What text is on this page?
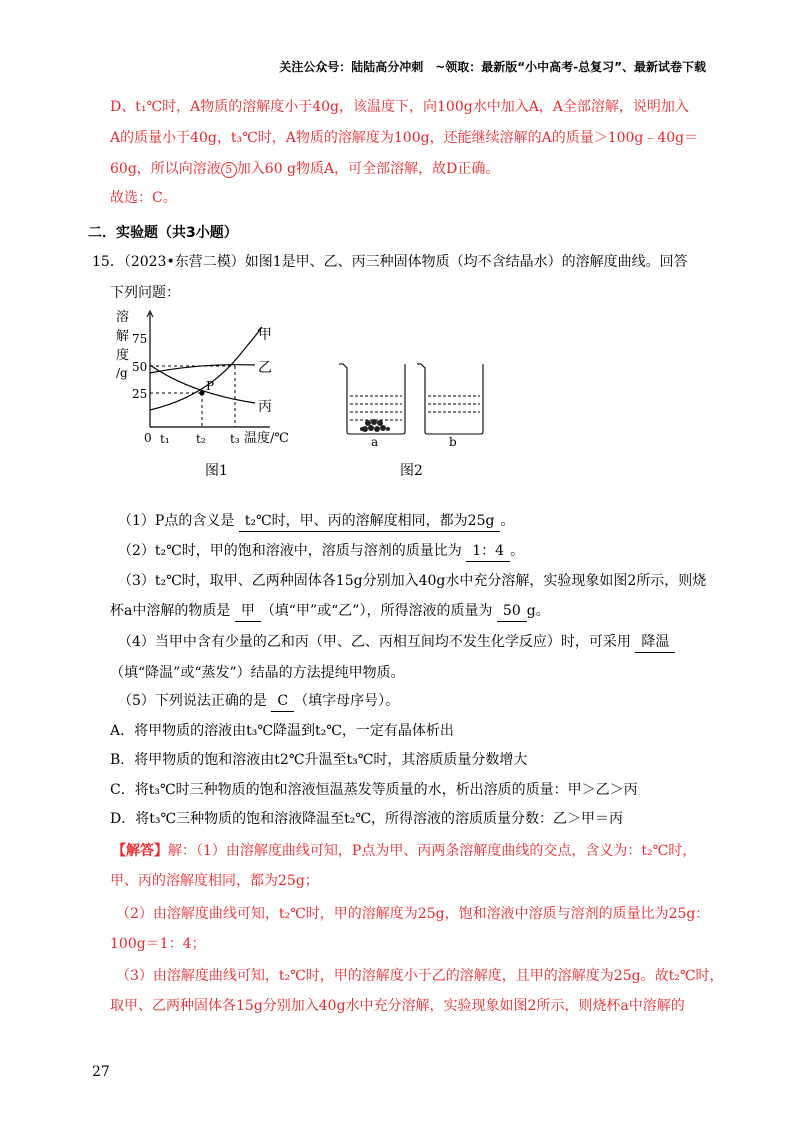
关注公众号：陆陆高分冲刺　~领取：最新版“小中高考-总复习”、最新试卷下载
D、t₁℃时，A物质的溶解度小于40g，该温度下，向100g水中加入A，A全部溶解，说明加入
A的质量小于40g，t₃℃时，A物质的溶解度为100g，还能继续溶解的A的质量＞100g﹣40g＝
60g，所以向溶液 5 加入60 g物质A，可全部溶解，故D正确。
故选：C。
二．实验题（共3小题）
15．（2023•东营二模）如图1是甲、乙、丙三种固体物质（均不含结晶水）的溶解度曲线。回答
下列问题：
溶
解
度
/g
75
50
25
0 t₁ t₂ t₃ 温度/℃
P
甲
乙
丙
图1
a	b
图2
（1）P点的含义是 t₂℃时，甲、丙的溶解度相同，都为25g 。
（2）t₂℃时，甲的饱和溶液中，溶质与溶剂的质量比为 1：4 。
（3）t₂℃时，取甲、乙两种固体各15g分别加入40g水中充分溶解，实验现象如图2所示，则烧
杯a中溶解的物质是 甲 （填“甲”或“乙”），所得溶液的质量为 50 g。
（4）当甲中含有少量的乙和丙（甲、乙、丙相互间均不发生化学反应）时，可采用 降温
（填“降温”或“蒸发”）结晶的方法提纯甲物质。
（5）下列说法正确的是 C （填字母序号）。
A．将甲物质的溶液由t₃℃降温到t₂℃，一定有晶体析出
B．将甲物质的饱和溶液由t2℃升温至t₃℃时，其溶质质量分数增大
C．将t₃℃时三种物质的饱和溶液恒温蒸发等质量的水，析出溶质的质量：甲＞乙＞丙
D．将t₃℃三种物质的饱和溶液降温至t₂℃，所得溶液的溶质质量分数：乙＞甲＝丙
【解答】解：（1）由溶解度曲线可知，P点为甲、丙两条溶解度曲线的交点，含义为：t₂℃时，
甲、丙的溶解度相同，都为25g；
（2）由溶解度曲线可知，t₂℃时，甲的溶解度为25g，饱和溶液中溶质与溶剂的质量比为25g：
100g＝1：4；
（3）由溶解度曲线可知，t₂℃时，甲的溶解度小于乙的溶解度，且甲的溶解度为25g。故t₂℃时，
取甲、乙两种固体各15g分别加入40g水中充分溶解，实验现象如图2所示，则烧杯a中溶解的
27
